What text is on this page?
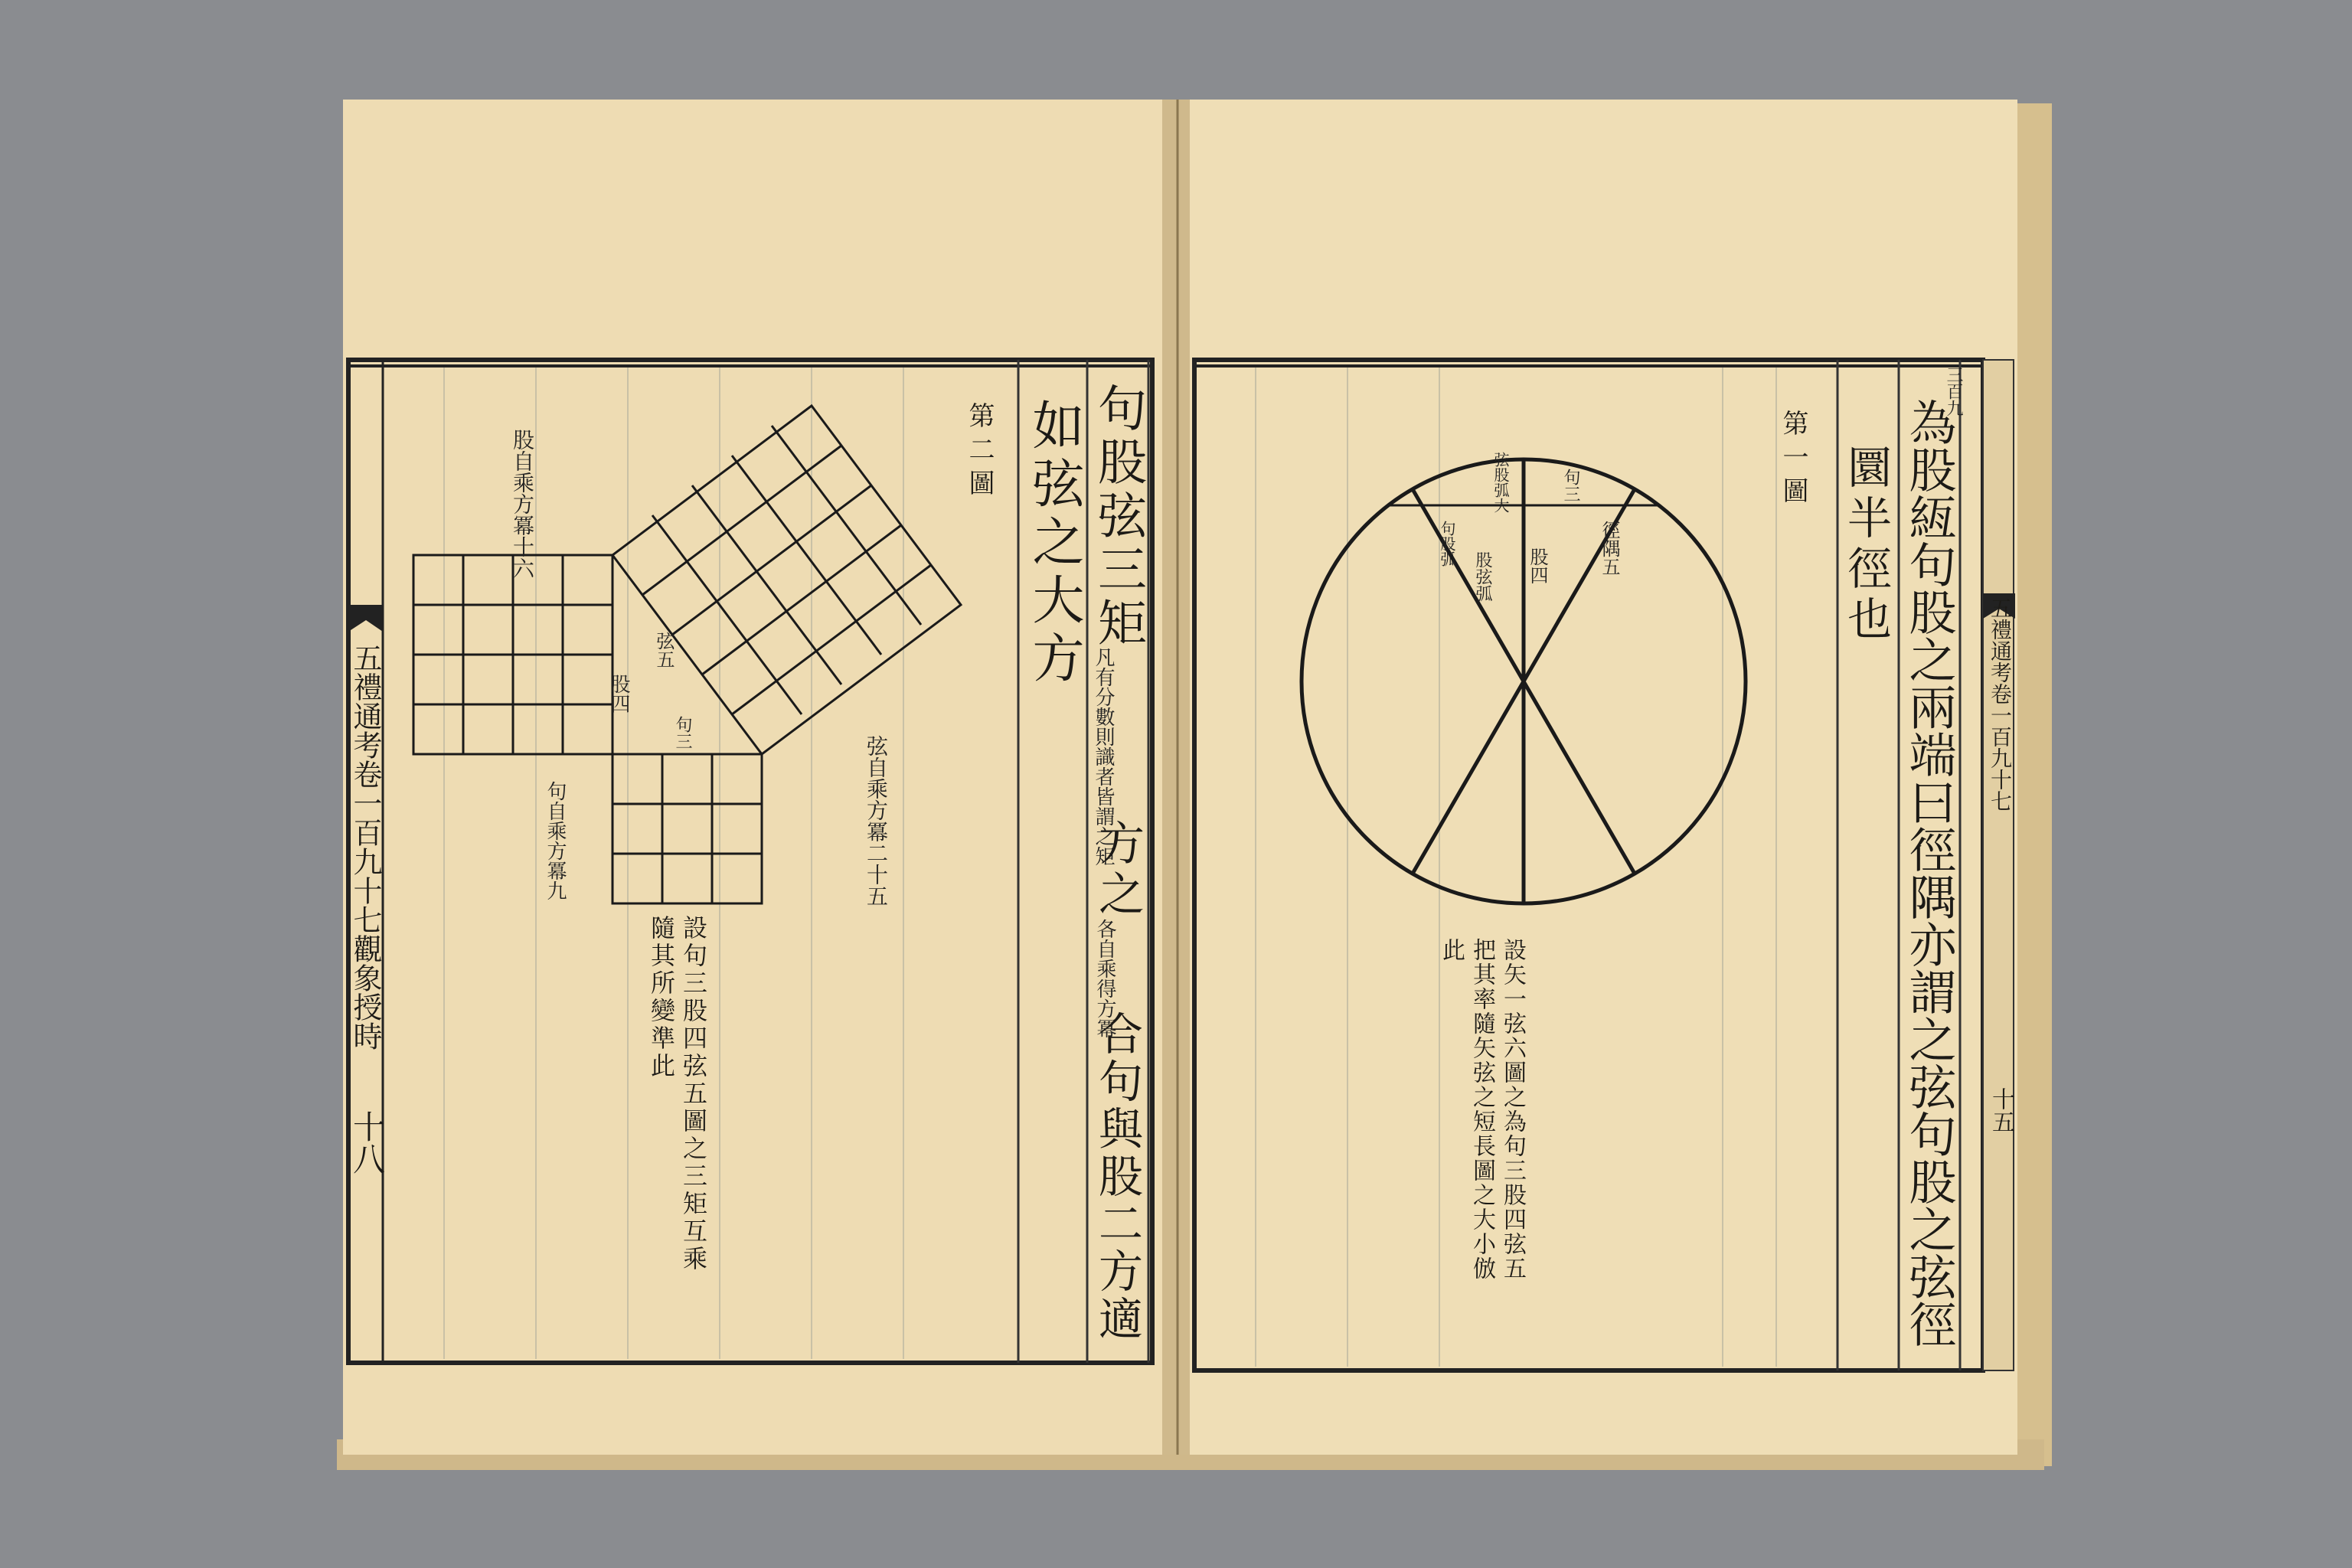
五禮通考卷一百九十七觀象授時
十八
如弦之大方 句股弦三矩
凡有分數則識者皆謂之矩
方之
各自乘得方冪
合句與股二方適
第二圖
股自乘方冪十六
句自乘方冪九	弦自乘方冪二十五
股四
句三
弦五
設句三股四弦五圖之三矩互乘
隨其所變準此
三百九
五禮通考卷一百九十七
十五
為股絚句股之兩端曰徑隅亦謂之弦句股之弦徑
圜半徑也
第一圖
句三
股四	徑隅五
弦股弧大
句股弧
股弦弧
設矢一弦六圖之為句三股四弦五
把其率隨矢弦之短長圖之大小倣
此
